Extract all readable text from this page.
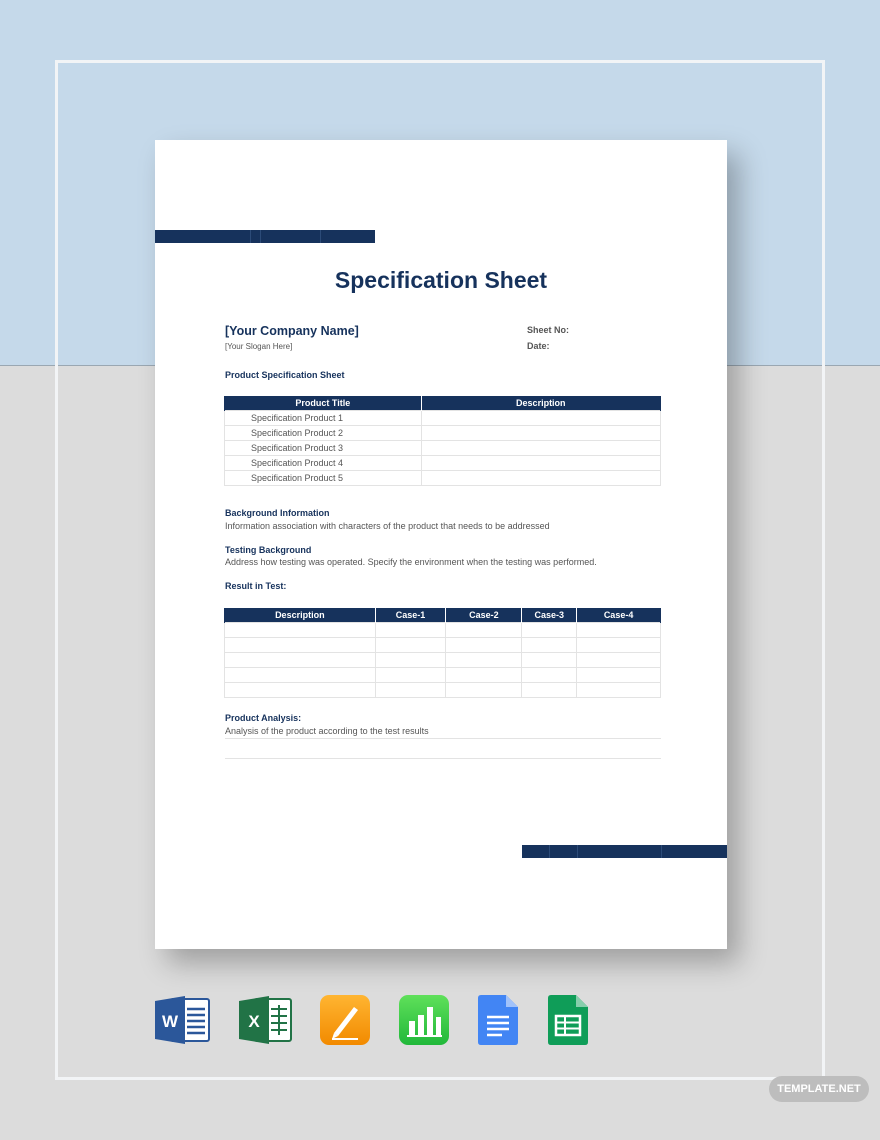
Specification Sheet
[Your Company Name]
[Your Slogan Here]
Sheet No:
Date:
Product Specification Sheet
Product Title	Description
Specification Product 1	
Specification Product 2	
Specification Product 3	
Specification Product 4	
Specification Product 5	
Background Information
Information association with characters of the product that needs to be addressed
Testing Background
Address how testing was operated. Specify the environment when the testing was performed.
Result in Test:
Description	Case-1	Case-2	Case-3	Case-4

Product Analysis:
Analysis of the product according to the test results
W	X
TEMPLATE.NET
